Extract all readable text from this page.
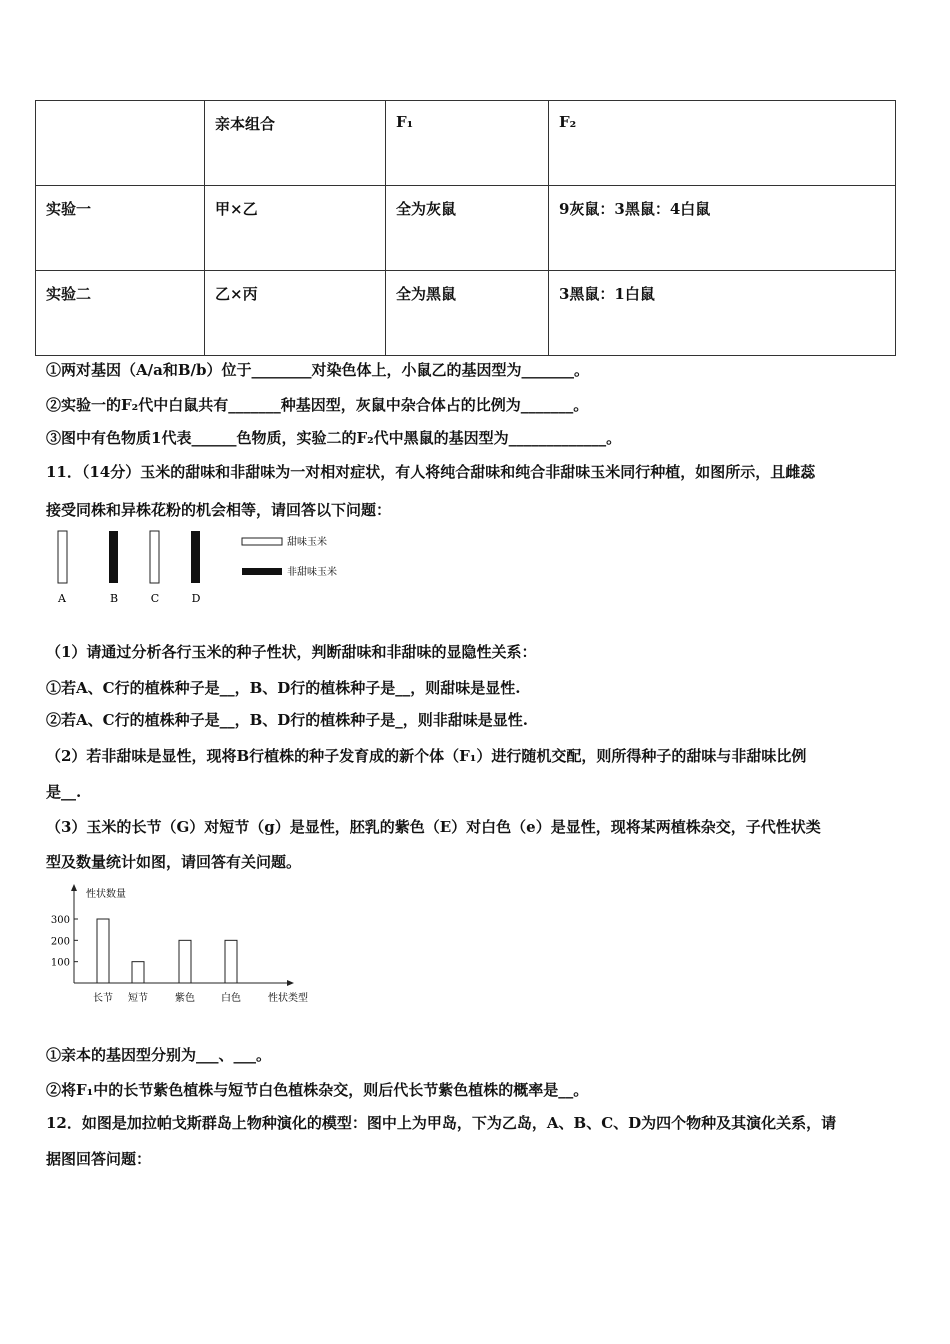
	亲本组合	F₁	F₂
实验一	甲×乙	全为灰鼠	9灰鼠：3黑鼠：4白鼠
实验二	乙×丙	全为黑鼠	3黑鼠：1白鼠
①两对基因（A/a和B/b）位于________对染色体上，小鼠乙的基因型为_______。
②实验一的F₂代中白鼠共有_______种基因型，灰鼠中杂合体占的比例为_______。
③图中有色物质1代表______色物质，实验二的F₂代中黑鼠的基因型为_____________。
11．（14分）玉米的甜味和非甜味为一对相对症状，有人将纯合甜味和纯合非甜味玉米同行种植，如图所示，且雌蕊
接受同株和异株花粉的机会相等，请回答以下问题：
A	B	C	D
甜味玉米
非甜味玉米
（1）请通过分析各行玉米的种子性状，判断甜味和非甜味的显隐性关系：
①若A、C行的植株种子是__，B、D行的植株种子是__，则甜味是显性.
②若A、C行的植株种子是__，B、D行的植株种子是_，则非甜味是显性.
（2）若非甜味是显性，现将B行植株的种子发育成的新个体（F₁）进行随机交配，则所得种子的甜味与非甜味比例
是__.
（3）玉米的长节（G）对短节（g）是显性，胚乳的紫色（E）对白色（e）是显性，现将某两植株杂交，子代性状类
型及数量统计如图，请回答有关问题。
性状数量
性状类型
100
200
300
长节 短节	紫色	白色
①亲本的基因型分别为___、___。
②将F₁中的长节紫色植株与短节白色植株杂交，则后代长节紫色植株的概率是__。
12．如图是加拉帕戈斯群岛上物种演化的模型：图中上为甲岛，下为乙岛，A、B、C、D为四个物种及其演化关系，请
据图回答问题：
